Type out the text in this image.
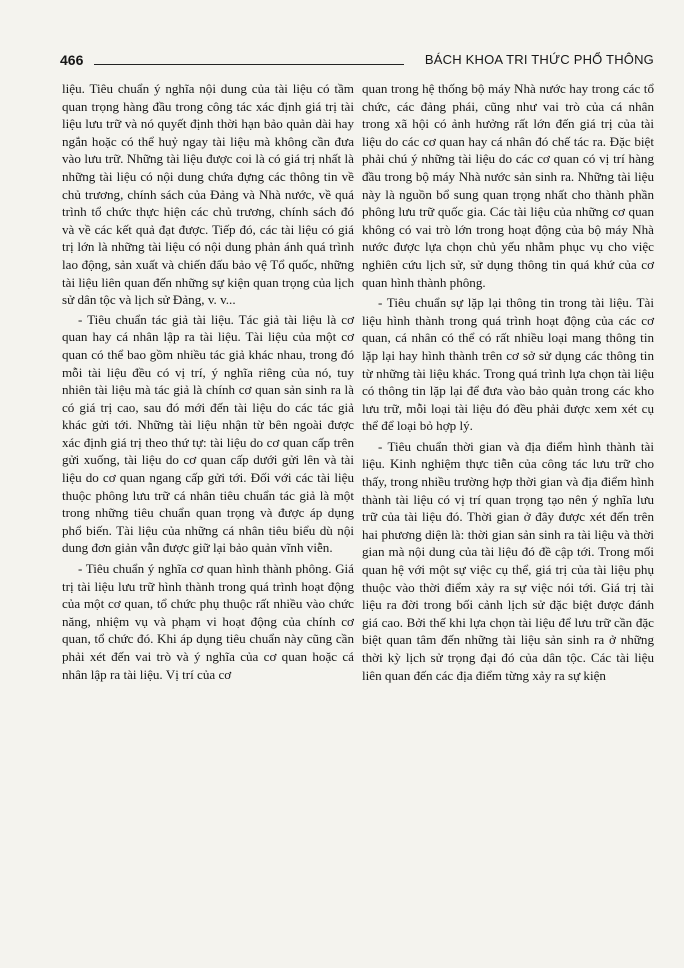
466	BÁCH KHOA TRI THỨC PHỔ THÔNG

liệu. Tiêu chuẩn ý nghĩa nội dung của tài liệu có tầm quan trọng hàng đầu trong công tác xác định giá trị tài liệu lưu trữ và nó quyết định thời hạn bảo quản dài hay ngắn hoặc có thể huỷ ngay tài liệu mà không cần đưa vào lưu trữ. Những tài liệu được coi là có giá trị nhất là những tài liệu có nội dung chứa đựng các thông tin về chủ trương, chính sách của Đảng và Nhà nước, về quá trình tổ chức thực hiện các chủ trương, chính sách đó và về các kết quả đạt được. Tiếp đó, các tài liệu có giá trị lớn là những tài liệu có nội dung phản ánh quá trình lao động, sản xuất và chiến đấu bảo vệ Tổ quốc, những tài liệu liên quan đến những sự kiện quan trọng của lịch sử dân tộc và lịch sử Đảng, v. v...

- Tiêu chuẩn tác giả tài liệu. Tác giả tài liệu là cơ quan hay cá nhân lập ra tài liệu. Tài liệu của một cơ quan có thể bao gồm nhiều tác giả khác nhau, trong đó mỗi tài liệu đều có vị trí, ý nghĩa riêng của nó, tuy nhiên tài liệu mà tác giả là chính cơ quan sản sinh ra là có giá trị cao, sau đó mới đến tài liệu do các tác giả khác gửi tới. Những tài liệu nhận từ bên ngoài được xác định giá trị theo thứ tự: tài liệu do cơ quan cấp trên gửi xuống, tài liệu do cơ quan cấp dưới gửi lên và tài liệu do cơ quan ngang cấp gửi tới. Đối với các tài liệu thuộc phông lưu trữ cá nhân tiêu chuẩn tác giả là một trong những tiêu chuẩn quan trọng và được áp dụng phổ biến. Tài liệu của những cá nhân tiêu biểu dù nội dung đơn giản vẫn được giữ lại bảo quản vĩnh viễn.

- Tiêu chuẩn ý nghĩa cơ quan hình thành phông. Giá trị tài liệu lưu trữ hình thành trong quá trình hoạt động của một cơ quan, tổ chức phụ thuộc rất nhiều vào chức năng, nhiệm vụ và phạm vi hoạt động của chính cơ quan, tổ chức đó. Khi áp dụng tiêu chuẩn này cũng cần phải xét đến vai trò và ý nghĩa của cơ quan hoặc cá nhân lập ra tài liệu. Vị trí của cơ

quan trong hệ thống bộ máy Nhà nước hay trong các tổ chức, các đảng phái, cũng như vai trò của cá nhân trong xã hội có ảnh hưởng rất lớn đến giá trị của tài liệu do các cơ quan hay cá nhân đó chế tác ra. Đặc biệt phải chú ý những tài liệu do các cơ quan có vị trí hàng đầu trong bộ máy Nhà nước sản sinh ra. Những tài liệu này là nguồn bổ sung quan trọng nhất cho thành phần phông lưu trữ quốc gia. Các tài liệu của những cơ quan không có vai trò lớn trong hoạt động của bộ máy Nhà nước được lựa chọn chủ yếu nhằm phục vụ cho việc nghiên cứu lịch sử, sử dụng thông tin quá khứ của cơ quan hình thành phông.

- Tiêu chuẩn sự lặp lại thông tin trong tài liệu. Tài liệu hình thành trong quá trình hoạt động của các cơ quan, cá nhân có thể có rất nhiều loại mang thông tin lặp lại hay hình thành trên cơ sở sử dụng các thông tin từ những tài liệu khác. Trong quá trình lựa chọn tài liệu có thông tin lặp lại để đưa vào bảo quản trong các kho lưu trữ, mỗi loại tài liệu đó đều phải được xem xét cụ thể để loại bỏ hợp lý.

- Tiêu chuẩn thời gian và địa điểm hình thành tài liệu. Kinh nghiệm thực tiễn của công tác lưu trữ cho thấy, trong nhiều trường hợp thời gian và địa điểm hình thành tài liệu có vị trí quan trọng tạo nên ý nghĩa lưu trữ của tài liệu đó. Thời gian ở đây được xét đến trên hai phương diện là: thời gian sản sinh ra tài liệu và thời gian mà nội dung của tài liệu đó đề cập tới. Trong mối quan hệ với một sự việc cụ thể, giá trị của tài liệu phụ thuộc vào thời điểm xảy ra sự việc nói tới. Giá trị tài liệu ra đời trong bối cảnh lịch sử đặc biệt được đánh giá cao. Bởi thế khi lựa chọn tài liệu để lưu trữ cần đặc biệt quan tâm đến những tài liệu sản sinh ra ở những thời kỳ lịch sử trọng đại đó của dân tộc. Các tài liệu liên quan đến các địa điểm từng xảy ra sự kiện
